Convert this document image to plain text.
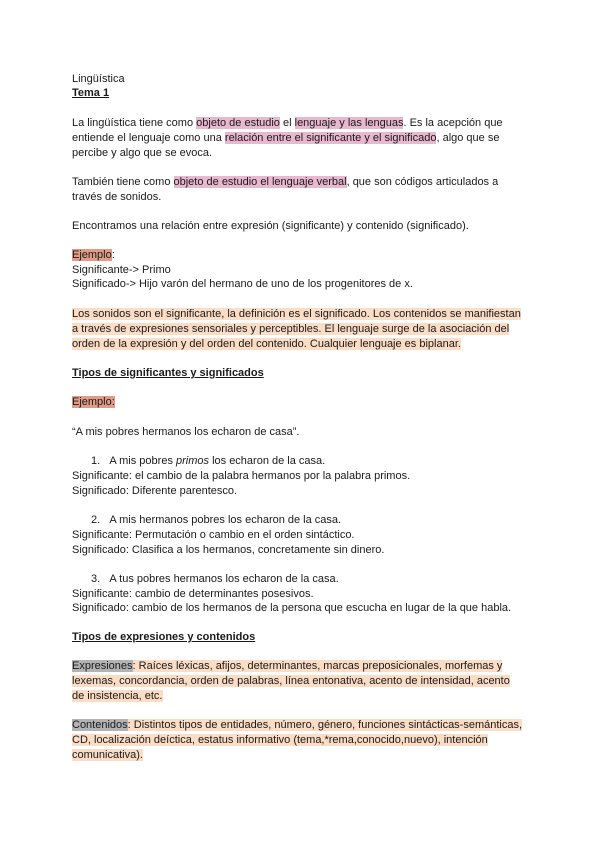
Lingüística
Tema 1
La lingüística tiene como objeto de estudio el lenguaje y las lenguas. Es la acepción que
entiende el lenguaje como una relación entre el significante y el significado, algo que se
percibe y algo que se evoca.
También tiene como objeto de estudio el lenguaje verbal, que son códigos articulados a
través de sonidos.
Encontramos una relación entre expresión (significante) y contenido (significado).
Ejemplo:
Significante-> Primo
Significado-> Hijo varón del hermano de uno de los progenitores de x.
Los sonidos son el significante, la definición es el significado. Los contenidos se manifiestan
a través de expresiones sensoriales y perceptibles. El lenguaje surge de la asociación del
orden de la expresión y del orden del contenido. Cualquier lenguaje es biplanar.
Tipos de significantes y significados
Ejemplo:
“A mis pobres hermanos los echaron de casa”.
1. A mis pobres primos los echaron de la casa.
Significante: el cambio de la palabra hermanos por la palabra primos.
Significado: Diferente parentesco.
2. A mis hermanos pobres los echaron de la casa.
Significante: Permutación o cambio en el orden sintáctico.
Significado: Clasifica a los hermanos, concretamente sin dinero.
3. A tus pobres hermanos los echaron de la casa.
Significante: cambio de determinantes posesivos.
Significado: cambio de los hermanos de la persona que escucha en lugar de la que habla.
Tipos de expresiones y contenidos
Expresiones: Raíces léxicas, afijos, determinantes, marcas preposicionales, morfemas y
lexemas, concordancia, orden de palabras, línea entonativa, acento de intensidad, acento
de insistencia, etc.
Contenidos: Distintos tipos de entidades, número, género, funciones sintácticas-semánticas,
CD, localización deíctica, estatus informativo (tema,*rema,conocido,nuevo), intención
comunicativa).
